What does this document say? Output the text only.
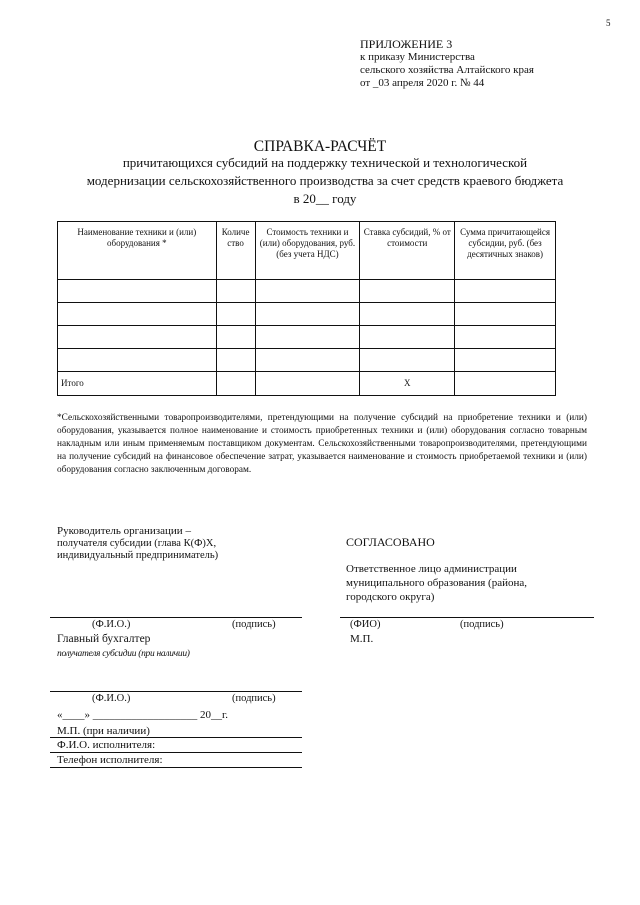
5
ПРИЛОЖЕНИЕ 3
к приказу Министерства
сельского хозяйства Алтайского края
от _03 апреля 2020 г. № 44
СПРАВКА-РАСЧЁТ
причитающихся субсидий на поддержку технической и технологической
модернизации сельскохозяйственного производства за счет средств краевого бюджета
в 20__ году
Наименование техники и (или) оборудования *	Количе ство	Стоимость техники и (или) оборудования, руб. (без учета НДС)	Ставка субсидий, % от стоимости	Сумма причитающейся субсидии, руб. (без десятичных знаков)

Итого			X	
*Сельскохозяйственными товаропроизводителями, претендующими на получение субсидий на приобретение техники и (или) оборудования, указывается полное наименование и стоимость приобретенных техники и (или) оборудования согласно товарным накладным или иным применяемым поставщиком документам. Сельскохозяйственными товаропроизводителями, претендующими на получение субсидий на финансовое обеспечение затрат, указывается наименование и стоимость приобретаемой техники и (или) оборудования согласно заключенным договорам.
Руководитель организации –
получателя субсидии (глава К(Ф)Х,
индивидуальный предприниматель)
(Ф.И.О.)	(подпись)
Главный бухгалтер
получателя субсидии (при наличии)
(Ф.И.О.)	(подпись)
«____» ___________________ 20__г.
М.П. (при наличии)
Ф.И.О. исполнителя:
Телефон исполнителя:
СОГЛАСОВАНО
Ответственное лицо администрации
муниципального образования (района,
городского округа)
(ФИО)	(подпись)
М.П.
